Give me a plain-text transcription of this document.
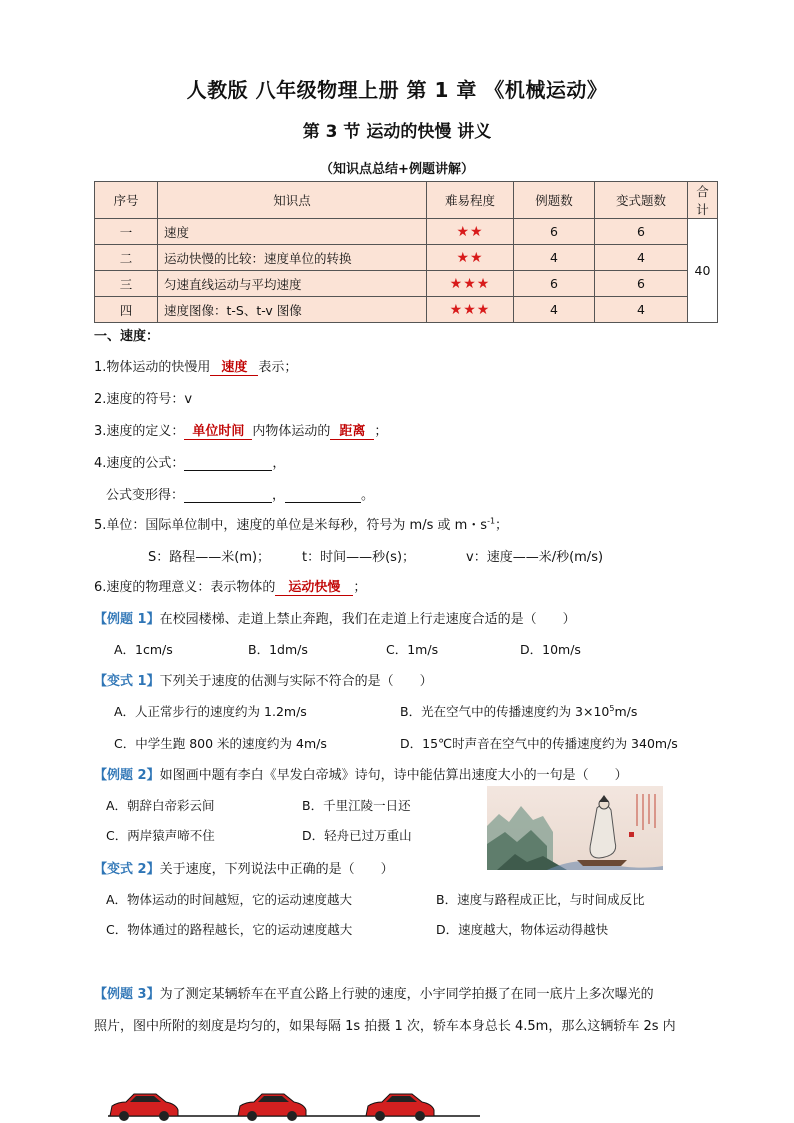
人教版 八年级物理上册 第 1 章 《机械运动》
第 3 节 运动的快慢 讲义
（知识点总结+例题讲解）
序号	知识点	难易程度	例题数	变式题数	合计
一	速度	★★	6	6	40
二	运动快慢的比较：速度单位的转换	★★	4	4	
三	匀速直线运动与平均速度	★★★	6	6	
四	速度图像：t-S、t-v 图像	★★★	4	4	
一、速度：
1.物体运动的快慢用 速度 表示；
2.速度的符号：v
3.速度的定义： 单位时间 内物体运动的 距离 ；
4.速度的公式：	，
公式变形得：	，	。
5.单位：国际单位制中，速度的单位是米每秒，符号为 m/s 或 m・$s^{-1}$；
S：路程——米(m)； t：时间——秒(s)；	v：速度——米/秒(m/s)
6.速度的物理意义：表示物体的 运动快慢 ；
【例题 1】在校园楼梯、走道上禁止奔跑，我们在走道上行走速度合适的是（　　）
A．1cm/s	B．1dm/s	C．1m/s	D．10m/s
【变式 1】下列关于速度的估测与实际不符合的是（　　）
A．人正常步行的速度约为 1.2m/s	B．光在空气中的传播速度约为 $3\times 10^5m/s$
C．中学生跑 800 米的速度约为 4m/s	D．15℃时声音在空气中的传播速度约为 340m/s
【例题 2】如图画中题有李白《早发白帝城》诗句，诗中能估算出速度大小的一句是（　　）
A．朝辞白帝彩云间	B．千里江陵一日还
C．两岸猿声啼不住	D．轻舟已过万重山
【变式 2】关于速度，下列说法中正确的是（　　）
A．物体运动的时间越短，它的运动速度越大	B．速度与路程成正比，与时间成反比
C．物体通过的路程越长，它的运动速度越大	D．速度越大，物体运动得越快
【例题 3】为了测定某辆轿车在平直公路上行驶的速度，小宇同学拍摄了在同一底片上多次曝光的
照片，图中所附的刻度是均匀的，如果每隔 1s 拍摄 1 次，轿车本身总长 4.5m，那么这辆轿车 2s 内
